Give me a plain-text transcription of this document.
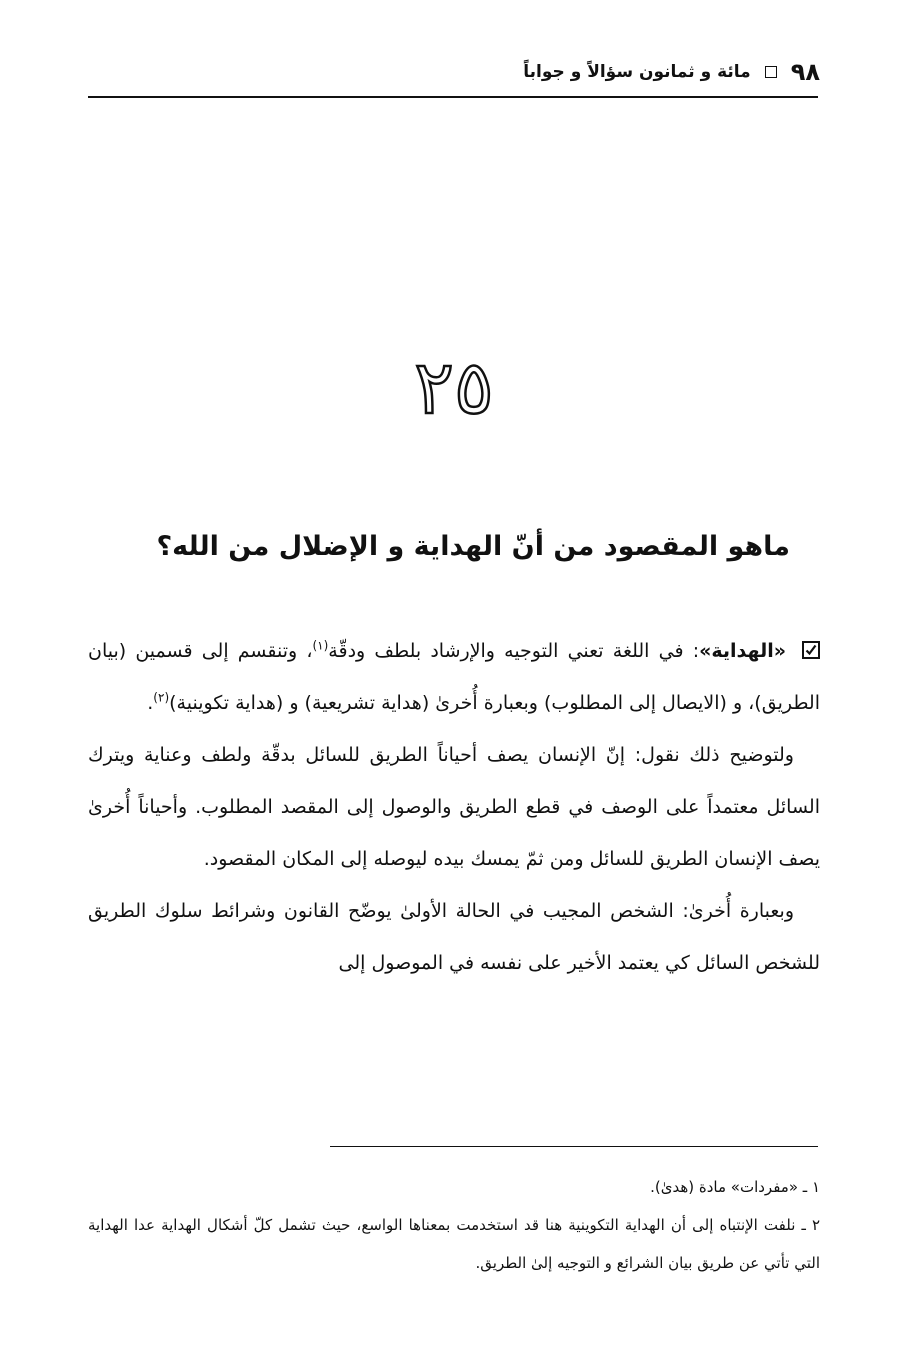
٩٨
مائة و ثمانون سؤالاً و جواباً
٢٥
ماهو المقصود من أنّ الهداية و الإضلال من الله؟

«الهداية»: في اللغة تعني التوجيه والإرشاد بلطف ودقّة$^{(١)}$، وتنقسم إلى قسمين (بيان الطريق)، و (الايصال إلى المطلوب) وبعبارة أُخرىٰ (هداية تشريعية) و (هداية تكوينية)$^{(٢)}$.

ولتوضيح ذلك نقول: إنّ الإنسان يصف أحياناً الطريق للسائل بدقّة ولطف وعناية ويترك السائل معتمداً على الوصف في قطع الطريق والوصول إلى المقصد المطلوب. وأحياناً أُخرىٰ يصف الإنسان الطريق للسائل ومن ثمّ يمسك بيده ليوصله إلى المكان المقصود.

وبعبارة أُخرىٰ: الشخص المجيب في الحالة الأولىٰ يوضّح القانون وشرائط سلوك الطريق للشخص السائل كي يعتمد الأخير على نفسه في الموصول إلى

١ ـ «مفردات» مادة (هدىٰ).

٢ ـ نلفت الإنتباه إلى أن الهداية التكوينية هنا قد استخدمت بمعناها الواسع، حيث تشمل كلّ أشكال الهداية عدا الهداية التي تأتي عن طريق بيان الشرائع و التوجيه إلىٰ الطريق.
